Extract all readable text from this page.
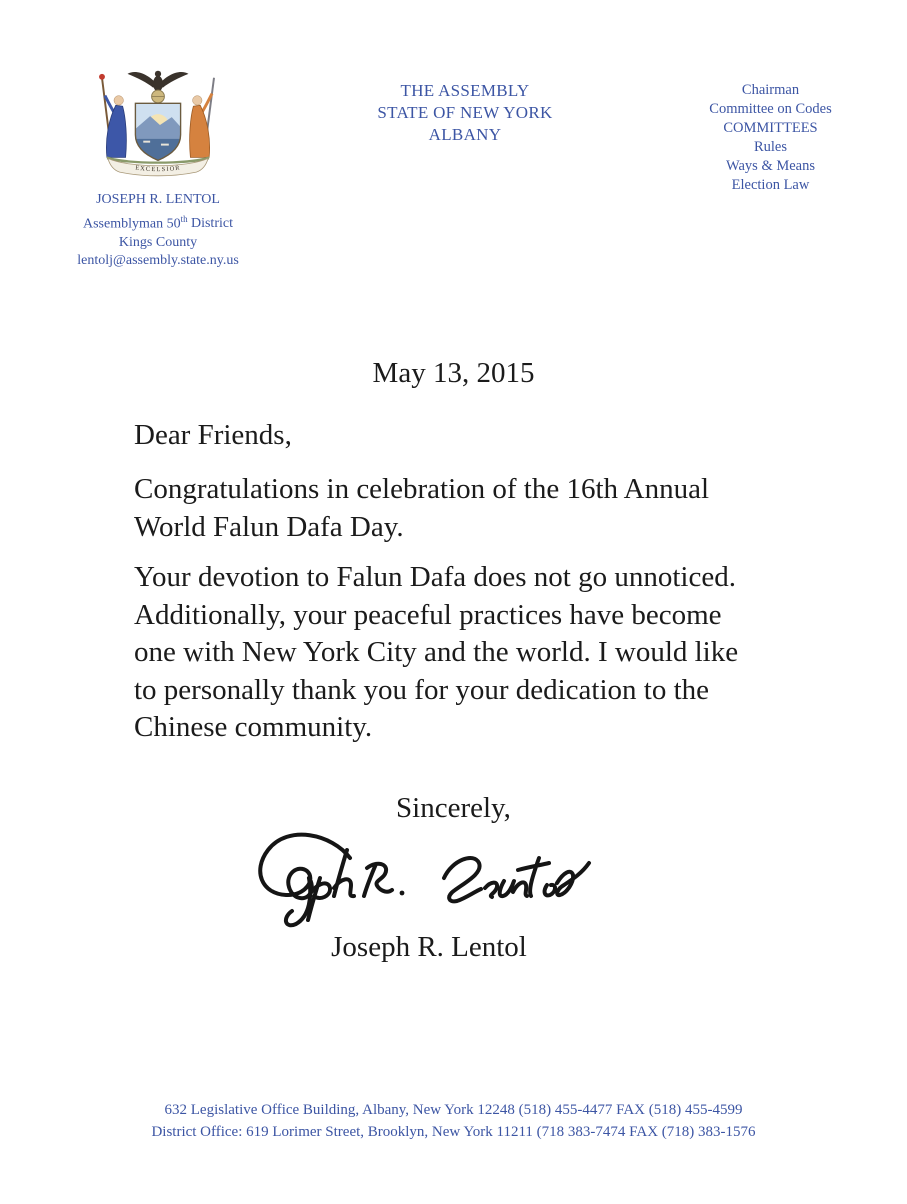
EXCELSIOR
JOSEPH R. LENTOL
Assemblyman 50th District
Kings County
lentolj@assembly.state.ny.us
THE ASSEMBLY
STATE OF NEW YORK
ALBANY
Chairman
Committee on Codes
COMMITTEES
Rules
Ways & Means
Election Law
May 13, 2015
Dear Friends,
Congratulations in celebration of the 16th Annual
World Falun Dafa Day.
Your devotion to Falun Dafa does not go unnoticed.
Additionally, your peaceful practices have become
one with New York City and the world. I would like
to personally thank you for your dedication to the
Chinese community.
Sincerely,
Joseph R. Lentol
632 Legislative Office Building, Albany, New York 12248 (518) 455-4477 FAX (518) 455-4599
District Office: 619 Lorimer Street, Brooklyn, New York 11211 (718 383-7474 FAX (718) 383-1576
